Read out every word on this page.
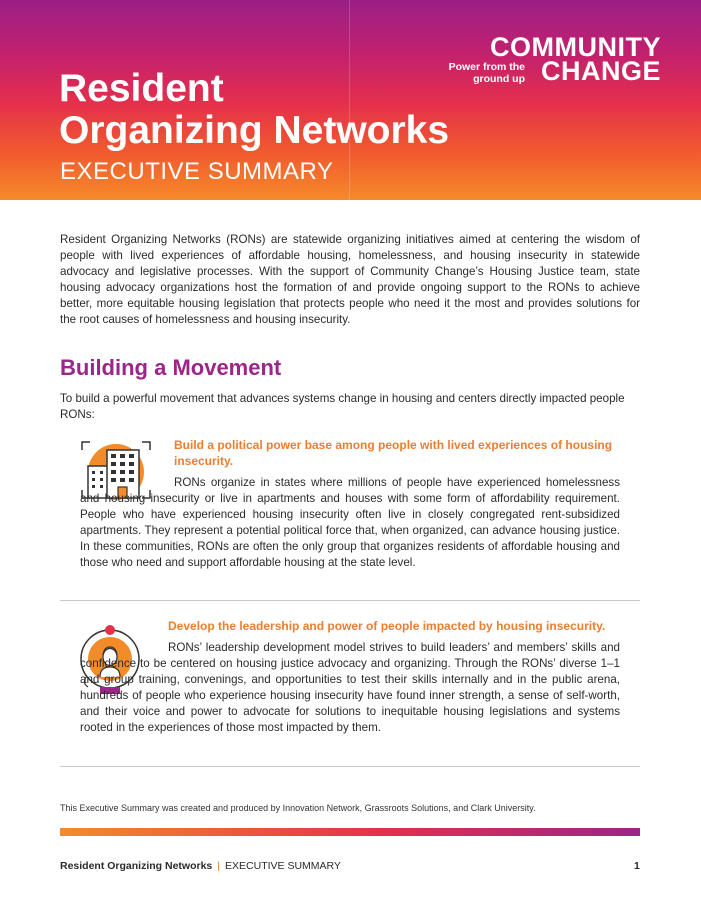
Resident
Organizing Networks
EXECUTIVE SUMMARY
COMMUNITY
Power from the
ground up CHANGE

Resident Organizing Networks (RONs) are statewide organizing initiatives aimed at centering the wisdom of people with lived experiences of affordable housing, homelessness, and housing insecurity in statewide advocacy and legislative processes. With the support of Community Change’s Housing Justice team, state housing advocacy organizations host the formation of and provide ongoing support to the RONs to achieve better, more equitable housing legislation that protects people who need it the most and provides solutions for the root causes of homelessness and housing insecurity.

Building a Movement

To build a powerful movement that advances systems change in housing and centers directly impacted people RONs:

Build a political power base among people with lived experiences of housing insecurity.

RONs organize in states where millions of people have experienced homelessness and housing insecurity or live in apartments and houses with some form of affordability requirement. People who have experienced housing insecurity often live in closely congregated rent-subsidized apartments. They represent a potential political force that, when organized, can advance housing justice. In these communities, RONs are often the only group that organizes residents of affordable housing and those who need and support affordable housing at the state level.

Develop the leadership and power of people impacted by housing insecurity.

RONs’ leadership development model strives to build leaders’ and members’ skills and confidence to be centered on housing justice advocacy and organizing. Through the RONs’ diverse 1–1 and group training, convenings, and opportunities to test their skills internally and in the public arena, hundreds of people who experience housing insecurity have found inner strength, a sense of self-worth, and their voice and power to advocate for solutions to inequitable housing legislations and systems rooted in the experiences of those most impacted by them.

This Executive Summary was created and produced by Innovation Network, Grassroots Solutions, and Clark University.

Resident Organizing Networks | EXECUTIVE SUMMARY	1
